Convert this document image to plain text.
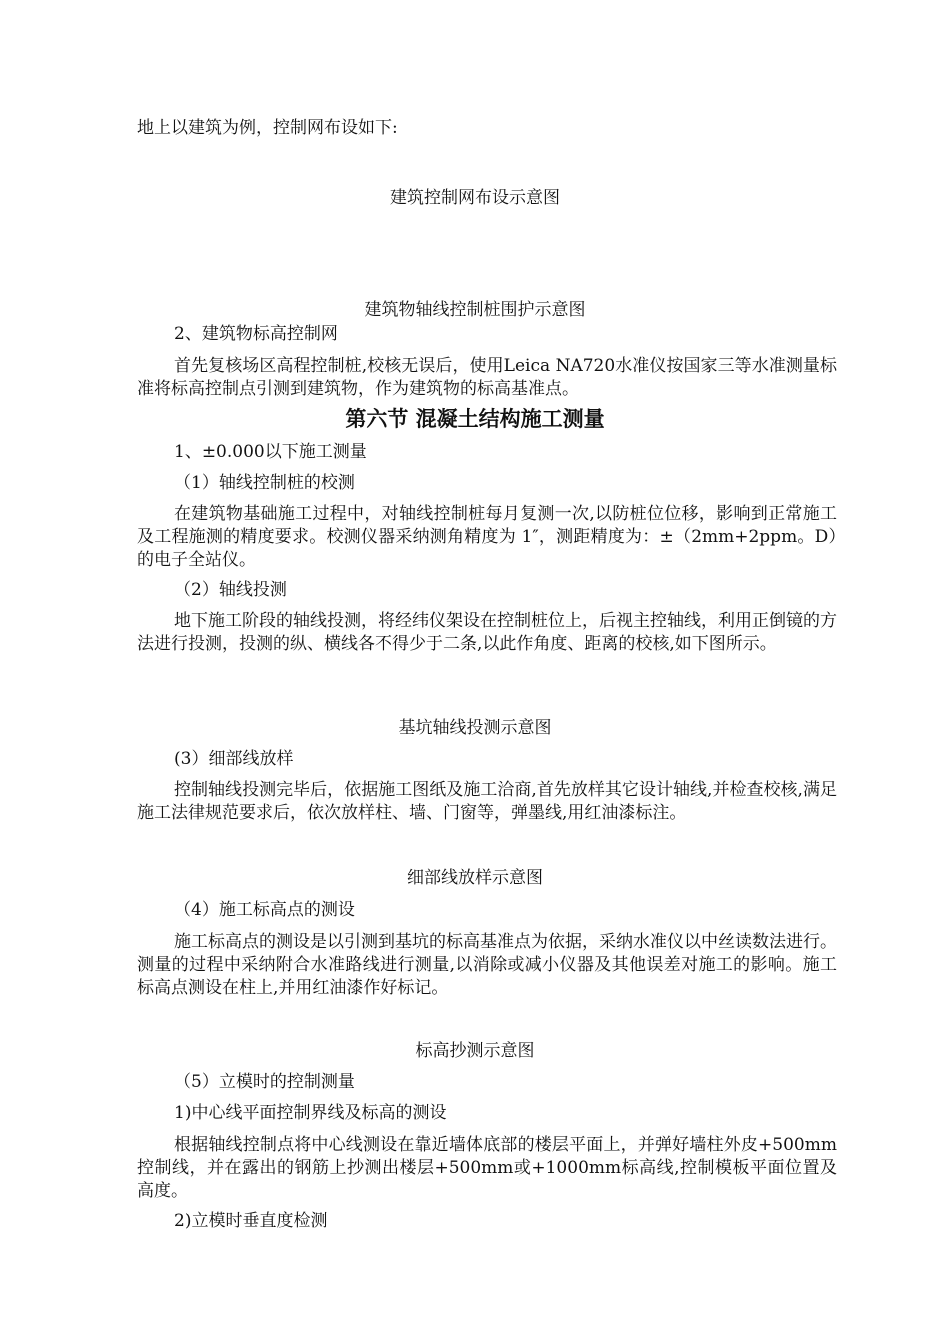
地上以建筑为例，控制网布设如下:
建筑控制网布设示意图
建筑物轴线控制桩围护示意图
2、建筑物标高控制网
首先复核场区高程控制桩,校核无误后，使用Leica NA720水准仪按国家三等水准测量标准将标高控制点引测到建筑物，作为建筑物的标高基准点。
第六节 混凝土结构施工测量
1、±0.000以下施工测量
（1）轴线控制桩的校测
在建筑物基础施工过程中，对轴线控制桩每月复测一次,以防桩位位移，影响到正常施工及工程施测的精度要求。校测仪器采纳测角精度为 1″，测距精度为：±（2mm+2ppm。D）的电子全站仪。
（2）轴线投测
地下施工阶段的轴线投测，将经纬仪架设在控制桩位上，后视主控轴线，利用正倒镜的方法进行投测，投测的纵、横线各不得少于二条,以此作角度、距离的校核,如下图所示。
基坑轴线投测示意图
(3）细部线放样
控制轴线投测完毕后，依据施工图纸及施工洽商,首先放样其它设计轴线,并检查校核,满足施工法律规范要求后，依次放样柱、墙、门窗等，弹墨线,用红油漆标注。
细部线放样示意图
（4）施工标高点的测设
施工标高点的测设是以引测到基坑的标高基准点为依据，采纳水准仪以中丝读数法进行。测量的过程中采纳附合水准路线进行测量,以消除或减小仪器及其他误差对施工的影响。施工标高点测设在柱上,并用红油漆作好标记。
标高抄测示意图
（5）立模时的控制测量
1)中心线平面控制界线及标高的测设
根据轴线控制点将中心线测设在靠近墙体底部的楼层平面上，并弹好墙柱外皮+500mm控制线，并在露出的钢筋上抄测出楼层+500mm或+1000mm标高线,控制模板平面位置及高度。
2)立模时垂直度检测
